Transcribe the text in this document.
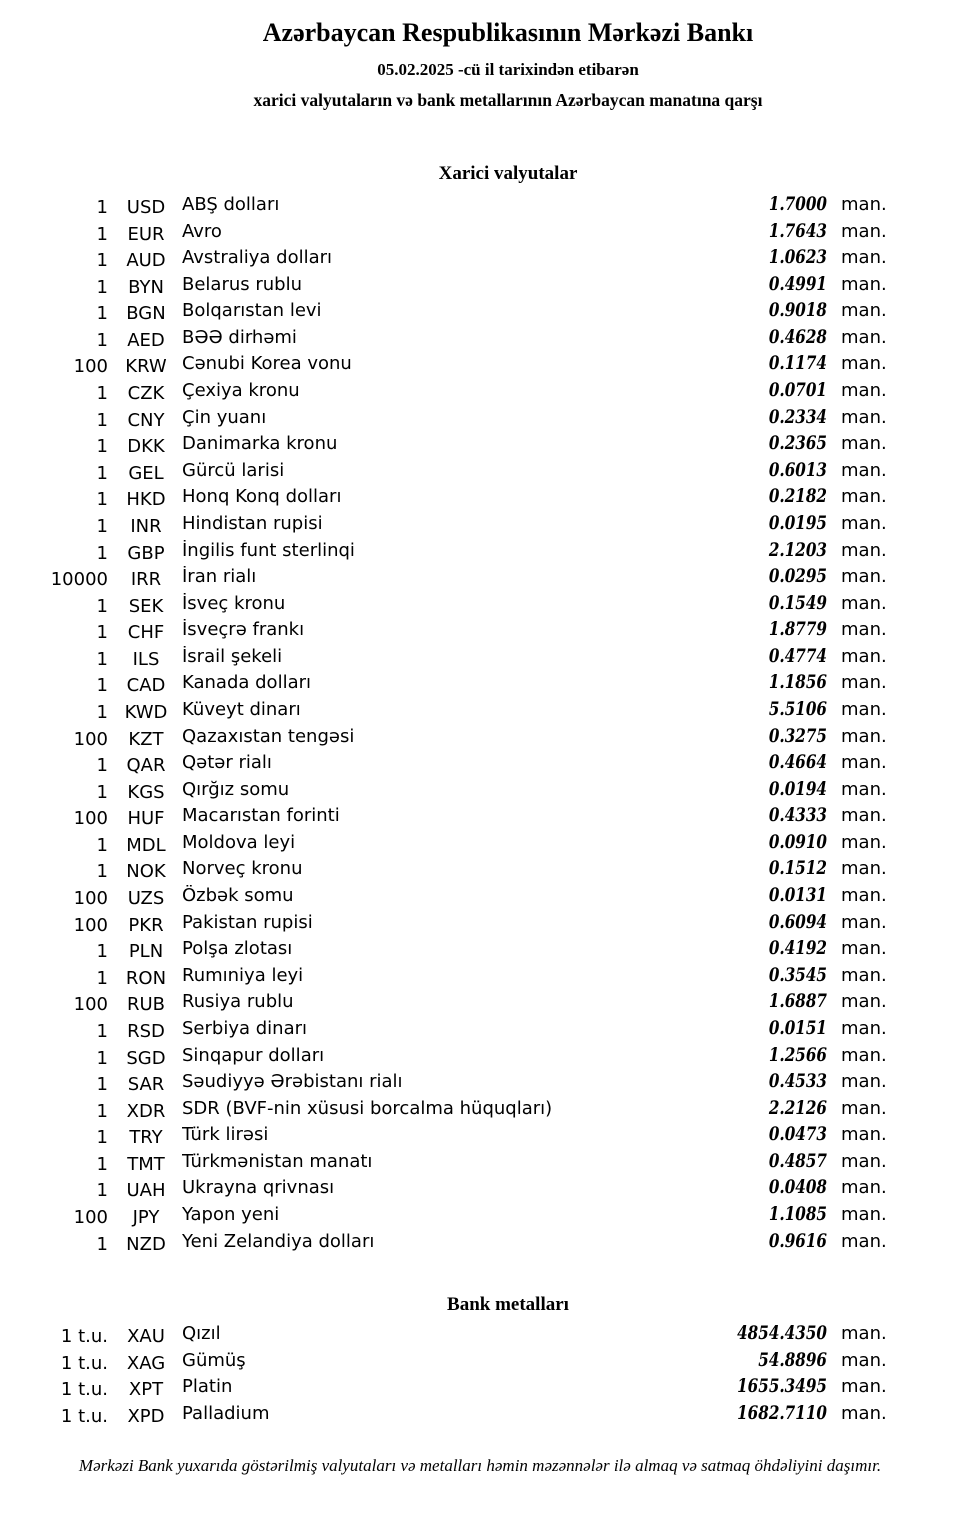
Azərbaycan Respublikasının Mərkəzi Bankı
05.02.2025 -cü il tarixindən etibarən
xarici valyutaların və bank metallarının Azərbaycan manatına qarşı
Xarici valyutalar
1	USD ABŞ dolları	1.7000 man.
1	EUR Avro	1.7643 man.
1	AUD Avstraliya dolları	1.0623 man.
1	BYN	Belarus rublu	0.4991 man.
1	BGN Bolqarıstan levi	0.9018 man.
1	AED BƏƏ dirhəmi	0.4628 man.
100 KRW Cənubi Korea vonu	0.1174 man.
1	CZK Çexiya kronu	0.0701 man.
1	CNY Çin yuanı	0.2334 man.
1	DKK Danimarka kronu	0.2365 man.
1	GEL	Gürcü larisi	0.6013 man.
1	HKD Honq Konq dolları	0.2182 man.
1	INR	Hindistan rupisi	0.0195 man.
1	GBP İngilis funt sterlinqi	2.1203 man.
10000	IRR	İran rialı	0.0295 man.
1	SEK	İsveç kronu	0.1549 man.
1	CHF İsveçrə frankı	1.8779 man.
1	ILS	İsrail şekeli	0.4774 man.
1	CAD Kanada dolları	1.1856 man.
1 KWD Küveyt dinarı	5.5106 man.
100	KZT	Qazaxıstan tengəsi	0.3275 man.
1	QAR Qətər rialı	0.4664 man.
1	KGS Qırğız somu	0.0194 man.
100	HUF Macarıstan forinti	0.4333 man.
1	MDL Moldova leyi	0.0910 man.
1	NOK Norveç kronu	0.1512 man.
100	UZS Özbək somu	0.0131 man.
100	PKR	Pakistan rupisi	0.6094 man.
1	PLN	Polşa zlotası	0.4192 man.
1 RON Rumıniya leyi	0.3545 man.
100	RUB Rusiya rublu	1.6887 man.
1	RSD Serbiya dinarı	0.0151 man.
1	SGD Sinqapur dolları	1.2566 man.
1	SAR Səudiyyə Ərəbistanı rialı	0.4533 man.
1	XDR SDR (BVF-nin xüsusi borcalma hüquqları)	2.2126 man.
1	TRY	Türk lirəsi	0.0473 man.
1	TMT Türkmənistan manatı	0.4857 man.
1	UAH Ukrayna qrivnası	0.0408 man.
100	JPY	Yapon yeni	1.1085 man.
1	NZD Yeni Zelandiya dolları	0.9616 man.
Bank metalları
1 t.u.	XAU Qızıl	4854.4350 man.
1 t.u.	XAG Gümüş	54.8896 man.
1 t.u.	XPT	Platin	1655.3495 man.
1 t.u.	XPD Palladium	1682.7110 man.
Mərkəzi Bank yuxarıda göstərilmiş valyutaları və metalları həmin məzənnələr ilə almaq və satmaq öhdəliyini daşımır.
